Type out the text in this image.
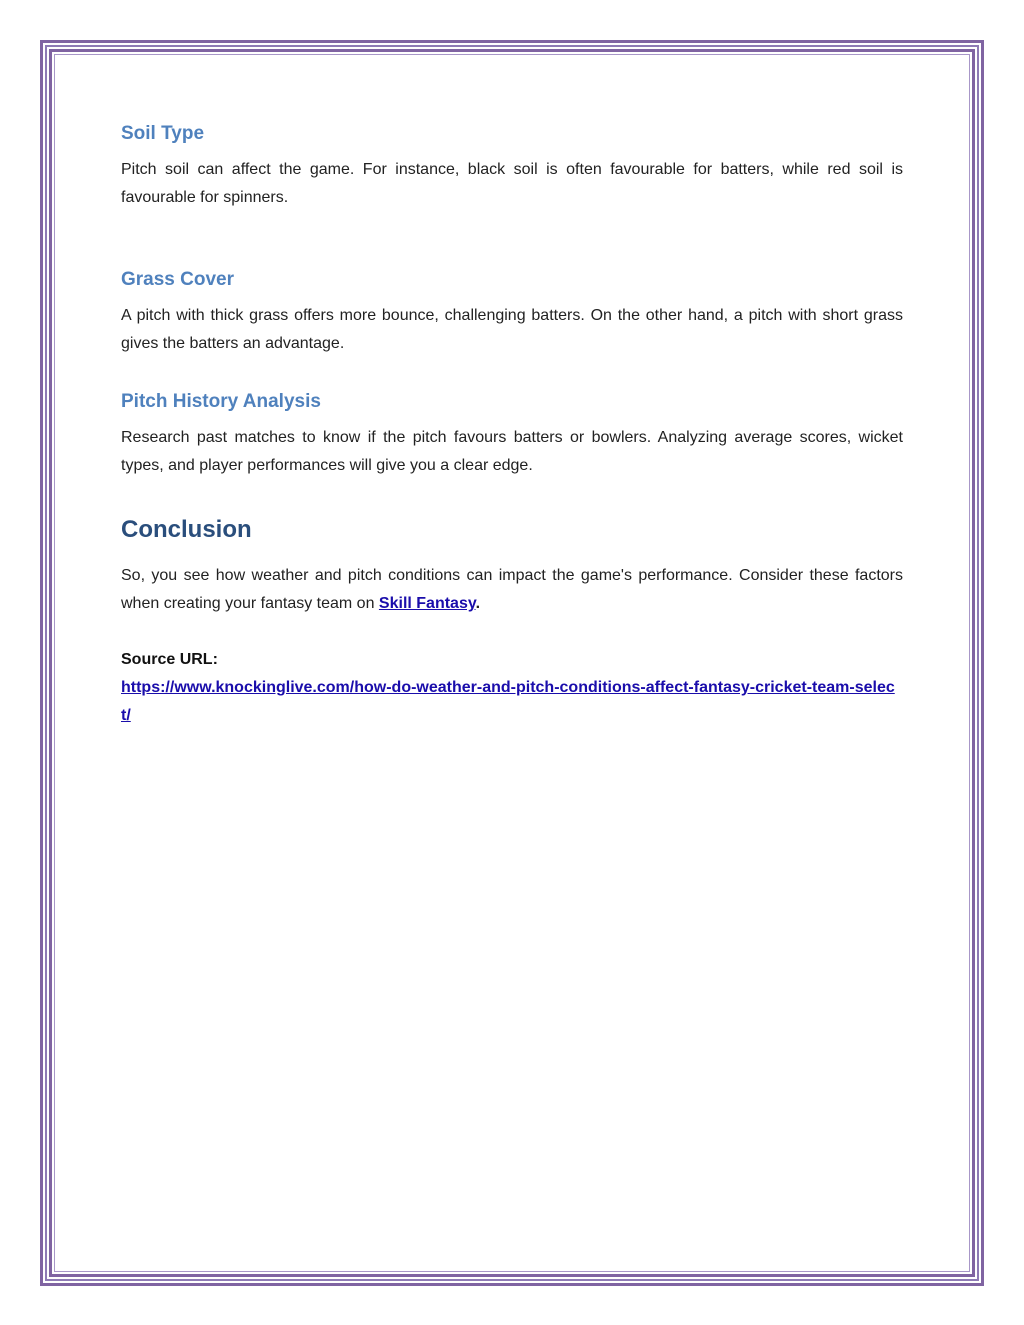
Soil Type

Pitch soil can affect the game. For instance, black soil is often favourable for batters, while red soil is favourable for spinners.

Grass Cover

A pitch with thick grass offers more bounce, challenging batters. On the other hand, a pitch with short grass gives the batters an advantage.

Pitch History Analysis

Research past matches to know if the pitch favours batters or bowlers. Analyzing average scores, wicket types, and player performances will give you a clear edge.

Conclusion

So, you see how weather and pitch conditions can impact the game's performance. Consider these factors when creating your fantasy team on Skill Fantasy.

Source URL:

https://www.knockinglive.com/how-do-weather-and-pitch-conditions-affect-fantasy-cricket-team-select/
